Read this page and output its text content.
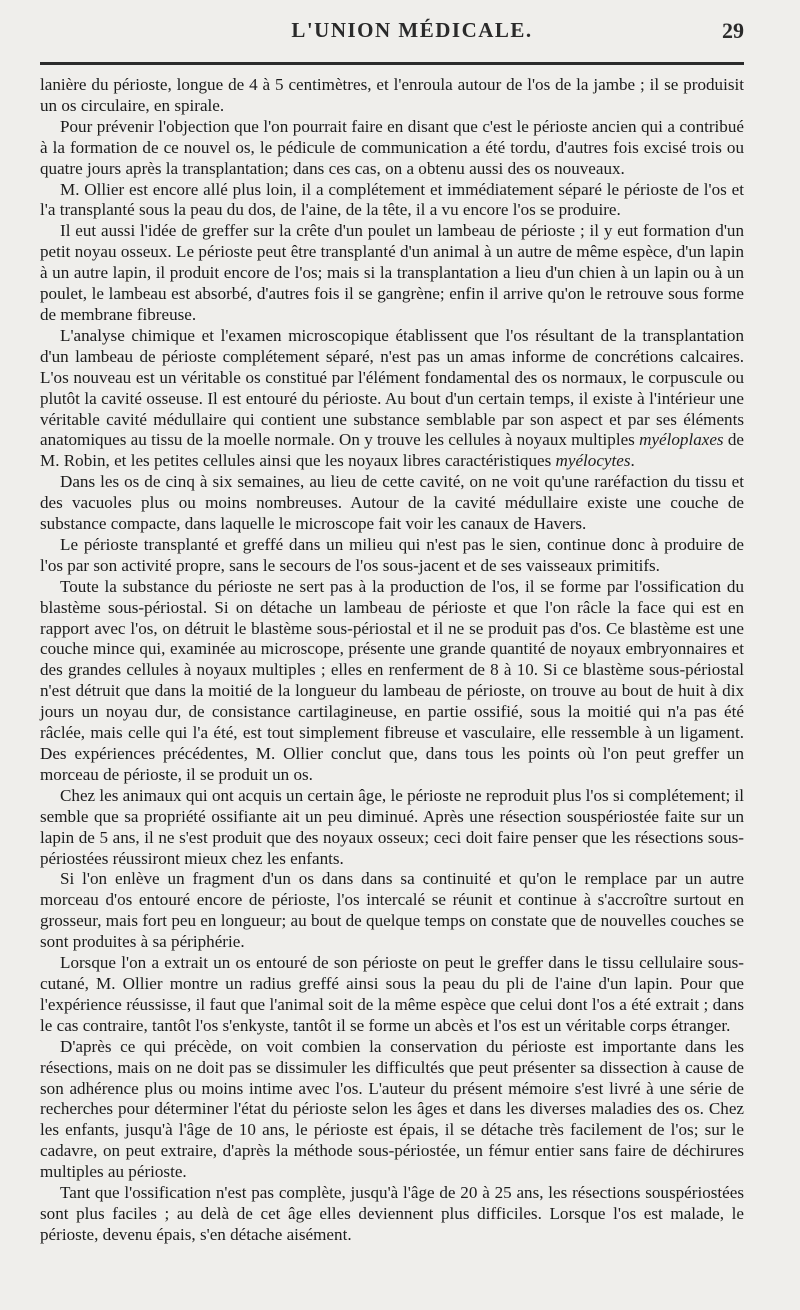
L'UNION MÉDICALE.	29

lanière du périoste, longue de 4 à 5 centimètres, et l'enroula autour de l'os de la jambe ; il se produisit un os circulaire, en spirale.

Pour prévenir l'objection que l'on pourrait faire en disant que c'est le périoste ancien qui a contribué à la formation de ce nouvel os, le pédicule de communication a été tordu, d'autres fois excisé trois ou quatre jours après la transplantation; dans ces cas, on a obtenu aussi des os nouveaux.

M. Ollier est encore allé plus loin, il a complétement et immédiatement séparé le périoste de l'os et l'a transplanté sous la peau du dos, de l'aine, de la tête, il a vu encore l'os se produire.

Il eut aussi l'idée de greffer sur la crête d'un poulet un lambeau de périoste ; il y eut formation d'un petit noyau osseux. Le périoste peut être transplanté d'un animal à un autre de même espèce, d'un lapin à un autre lapin, il produit encore de l'os; mais si la transplantation a lieu d'un chien à un lapin ou à un poulet, le lambeau est absorbé, d'autres fois il se gangrène; enfin il arrive qu'on le retrouve sous forme de membrane fibreuse.

L'analyse chimique et l'examen microscopique établissent que l'os résultant de la transplantation d'un lambeau de périoste complétement séparé, n'est pas un amas informe de concrétions calcaires. L'os nouveau est un véritable os constitué par l'élément fondamental des os normaux, le corpuscule ou plutôt la cavité osseuse. Il est entouré du périoste. Au bout d'un certain temps, il existe à l'intérieur une véritable cavité médullaire qui contient une substance semblable par son aspect et par ses éléments anatomiques au tissu de la moelle normale. On y trouve les cellules à noyaux multiples myéloplaxes de M. Robin, et les petites cellules ainsi que les noyaux libres caractéristiques myélocytes.

Dans les os de cinq à six semaines, au lieu de cette cavité, on ne voit qu'une raréfaction du tissu et des vacuoles plus ou moins nombreuses. Autour de la cavité médullaire existe une couche de substance compacte, dans laquelle le microscope fait voir les canaux de Havers.

Le périoste transplanté et greffé dans un milieu qui n'est pas le sien, continue donc à produire de l'os par son activité propre, sans le secours de l'os sous-jacent et de ses vaisseaux primitifs.

Toute la substance du périoste ne sert pas à la production de l'os, il se forme par l'ossification du blastème sous-périostal. Si on détache un lambeau de périoste et que l'on râcle la face qui est en rapport avec l'os, on détruit le blastème sous-périostal et il ne se produit pas d'os. Ce blastème est une couche mince qui, examinée au microscope, présente une grande quantité de noyaux embryonnaires et des grandes cellules à noyaux multiples ; elles en renferment de 8 à 10. Si ce blastème sous-périostal n'est détruit que dans la moitié de la longueur du lambeau de périoste, on trouve au bout de huit à dix jours un noyau dur, de consistance cartilagineuse, en partie ossifié, sous la moitié qui n'a pas été râclée, mais celle qui l'a été, est tout simplement fibreuse et vasculaire, elle ressemble à un ligament. Des expériences précédentes, M. Ollier conclut que, dans tous les points où l'on peut greffer un morceau de périoste, il se produit un os.

Chez les animaux qui ont acquis un certain âge, le périoste ne reproduit plus l'os si complétement; il semble que sa propriété ossifiante ait un peu diminué. Après une résection souspériostée faite sur un lapin de 5 ans, il ne s'est produit que des noyaux osseux; ceci doit faire penser que les résections sous-périostées réussiront mieux chez les enfants.

Si l'on enlève un fragment d'un os dans dans sa continuité et qu'on le remplace par un autre morceau d'os entouré encore de périoste, l'os intercalé se réunit et continue à s'accroître surtout en grosseur, mais fort peu en longueur; au bout de quelque temps on constate que de nouvelles couches se sont produites à sa périphérie.

Lorsque l'on a extrait un os entouré de son périoste on peut le greffer dans le tissu cellulaire sous-cutané, M. Ollier montre un radius greffé ainsi sous la peau du pli de l'aine d'un lapin. Pour que l'expérience réussisse, il faut que l'animal soit de la même espèce que celui dont l'os a été extrait ; dans le cas contraire, tantôt l'os s'enkyste, tantôt il se forme un abcès et l'os est un véritable corps étranger.

D'après ce qui précède, on voit combien la conservation du périoste est importante dans les résections, mais on ne doit pas se dissimuler les difficultés que peut présenter sa dissection à cause de son adhérence plus ou moins intime avec l'os. L'auteur du présent mémoire s'est livré à une série de recherches pour déterminer l'état du périoste selon les âges et dans les diverses maladies des os. Chez les enfants, jusqu'à l'âge de 10 ans, le périoste est épais, il se détache très facilement de l'os; sur le cadavre, on peut extraire, d'après la méthode sous-périostée, un fémur entier sans faire de déchirures multiples au périoste.

Tant que l'ossification n'est pas complète, jusqu'à l'âge de 20 à 25 ans, les résections souspériostées sont plus faciles ; au delà de cet âge elles deviennent plus difficiles. Lorsque l'os est malade, le périoste, devenu épais, s'en détache aisément.
